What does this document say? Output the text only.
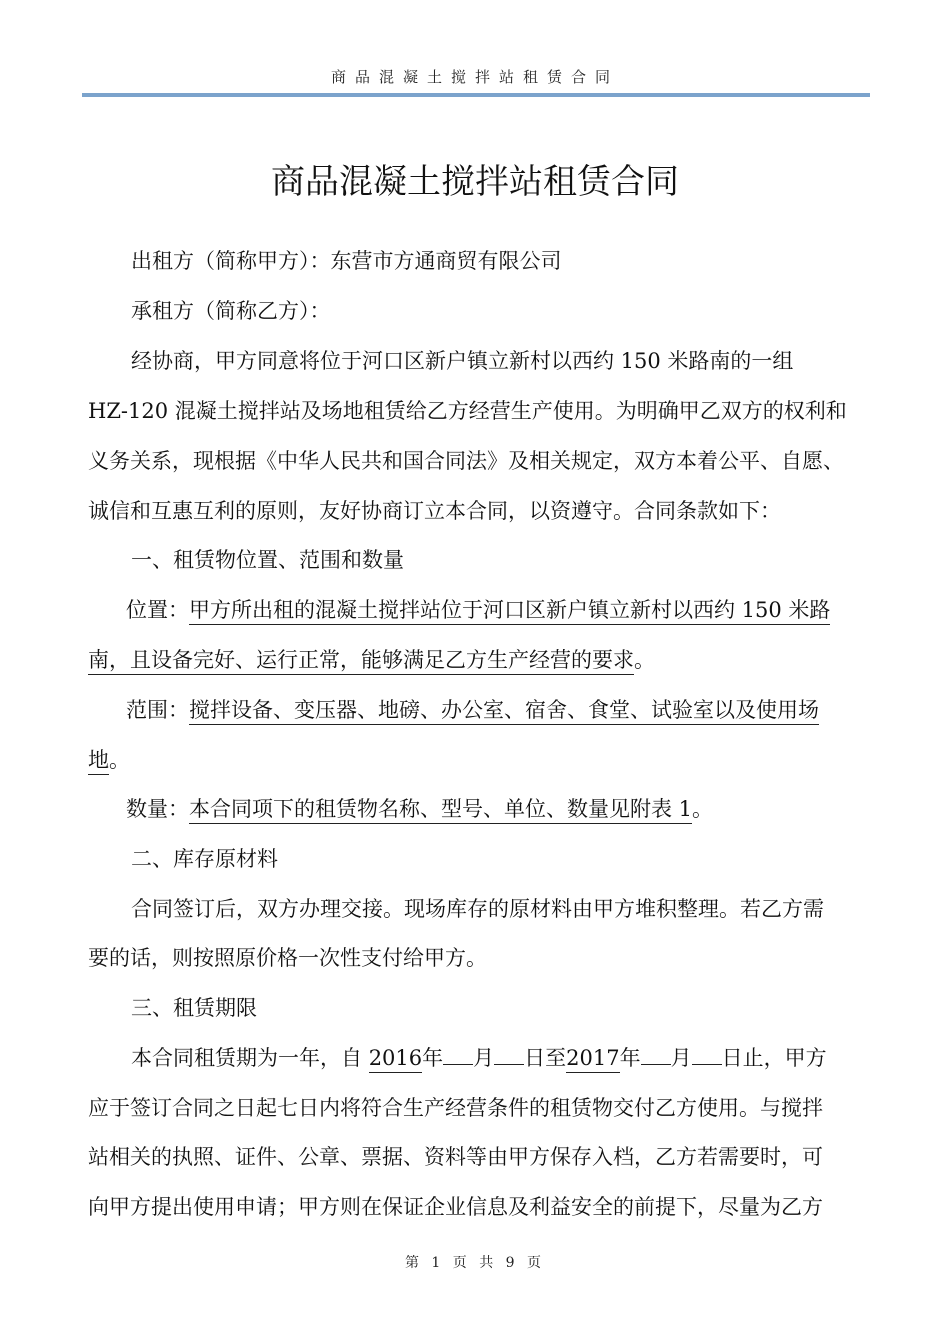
商品混凝土搅拌站租赁合同
商品混凝土搅拌站租赁合同
出租方（简称甲方）：东营市方通商贸有限公司
承租方（简称乙方）：
经协商，甲方同意将位于河口区新户镇立新村以西约 150 米路南的一组
HZ-120 混凝土搅拌站及场地租赁给乙方经营生产使用。为明确甲乙双方的权利和
义务关系，现根据《中华人民共和国合同法》及相关规定，双方本着公平、自愿、
诚信和互惠互利的原则，友好协商订立本合同，以资遵守。合同条款如下：
一、租赁物位置、范围和数量
位置：甲方所出租的混凝土搅拌站位于河口区新户镇立新村以西约 150 米路
南，且设备完好、运行正常，能够满足乙方生产经营的要求。
范围：搅拌设备、变压器、地磅、办公室、宿舍、食堂、试验室以及使用场
地。
数量：本合同项下的租赁物名称、型号、单位、数量见附表 1。
二、库存原材料
合同签订后，双方办理交接。现场库存的原材料由甲方堆积整理。若乙方需
要的话，则按照原价格一次性支付给甲方。
三、租赁期限
本合同租赁期为一年，自 2016年 月 日至2017年 月 日止，甲方
应于签订合同之日起七日内将符合生产经营条件的租赁物交付乙方使用。与搅拌
站相关的执照、证件、公章、票据、资料等由甲方保存入档，乙方若需要时，可
向甲方提出使用申请；甲方则在保证企业信息及利益安全的前提下，尽量为乙方
第 1 页 共 9 页
